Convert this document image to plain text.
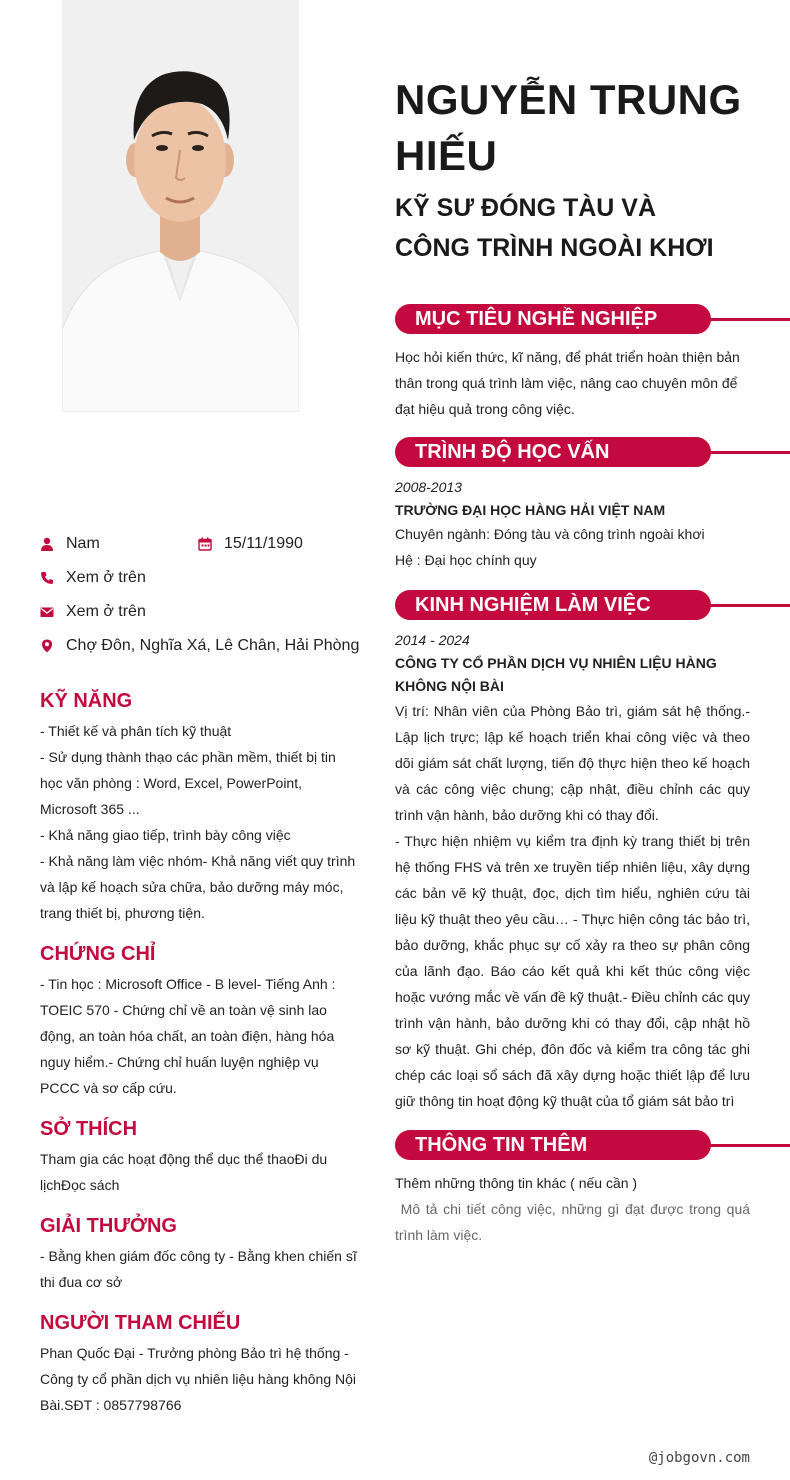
NGUYỄN TRUNG HIẾU
KỸ SƯ ĐÓNG TÀU VÀ CÔNG TRÌNH NGOÀI KHƠI
Nam	15/11/1990
Xem ở trên
Xem ở trên
Chợ Đôn, Nghĩa Xá, Lê Chân, Hải Phòng
KỸ NĂNG

- Thiết kế và phân tích kỹ thuật

- Sử dụng thành thạo các phần mềm, thiết bị tin học văn phòng : Word, Excel, PowerPoint, Microsoft 365 ...

- Khả năng giao tiếp, trình bày công việc

- Khả năng làm việc nhóm- Khả năng viết quy trình và lập kế hoạch sửa chữa, bảo dưỡng máy móc, trang thiết bị, phương tiện.

CHỨNG CHỈ

- Tin học : Microsoft Office - B level- Tiếng Anh : TOEIC 570 - Chứng chỉ về an toàn vệ sinh lao động, an toàn hóa chất, an toàn điện, hàng hóa nguy hiểm.- Chứng chỉ huấn luyện nghiệp vụ PCCC và sơ cấp cứu.

SỞ THÍCH

Tham gia các hoạt động thể dục thể thaoĐi du lịchĐọc sách

GIẢI THƯỞNG

- Bằng khen giám đốc công ty - Bằng khen chiến sĩ thi đua cơ sở

NGƯỜI THAM CHIẾU

Phan Quốc Đại - Trưởng phòng Bảo trì hệ thống - Công ty cổ phần dịch vụ nhiên liệu hàng không Nội Bài.SĐT : 0857798766

MỤC TIÊU NGHỀ NGHIỆP
Học hỏi kiến thức, kĩ năng, để phát triển hoàn thiện bản thân trong quá trình làm việc, nâng cao chuyên môn để đạt hiệu quả trong công việc.
TRÌNH ĐỘ HỌC VẤN
2008-2013
TRƯỜNG ĐẠI HỌC HÀNG HẢI VIỆT NAM
Chuyên ngành: Đóng tàu và công trình ngoài khơi
Hệ : Đại học chính quy
KINH NGHIỆM LÀM VIỆC
2014 - 2024
CÔNG TY CỔ PHẦN DỊCH VỤ NHIÊN LIỆU HÀNG KHÔNG NỘI BÀI
Vị trí: Nhân viên của Phòng Bảo trì, giám sát hệ thống.- Lập lịch trực; lập kế hoạch triển khai công việc và theo dõi giám sát chất lượng, tiến độ thực hiện theo kế hoạch và các công việc chung; cập nhật, điều chỉnh các quy trình vận hành, bảo dưỡng khi có thay đổi.
- Thực hiện nhiệm vụ kiểm tra định kỳ trang thiết bị trên hệ thống FHS và trên xe truyền tiếp nhiên liệu, xây dựng các bản vẽ kỹ thuật, đọc, dịch tìm hiểu, nghiên cứu tài liệu kỹ thuật theo yêu cầu… - Thực hiện công tác bảo trì, bảo dưỡng, khắc phục sự cố xảy ra theo sự phân công của lãnh đạo. Báo cáo kết quả khi kết thúc công việc hoặc vướng mắc về vấn đề kỹ thuật.- Điều chỉnh các quy trình vận hành, bảo dưỡng khi có thay đổi, cập nhật hồ sơ kỹ thuật. Ghi chép, đôn đốc và kiểm tra công tác ghi chép các loại sổ sách đã xây dựng hoặc thiết lập để lưu giữ thông tin hoạt động kỹ thuật của tổ giám sát bảo trì
THÔNG TIN THÊM
Thêm những thông tin khác ( nếu cần )
Mô tả chi tiết công việc, những gì đạt được trong quá trình làm việc.
@jobgovn.com
